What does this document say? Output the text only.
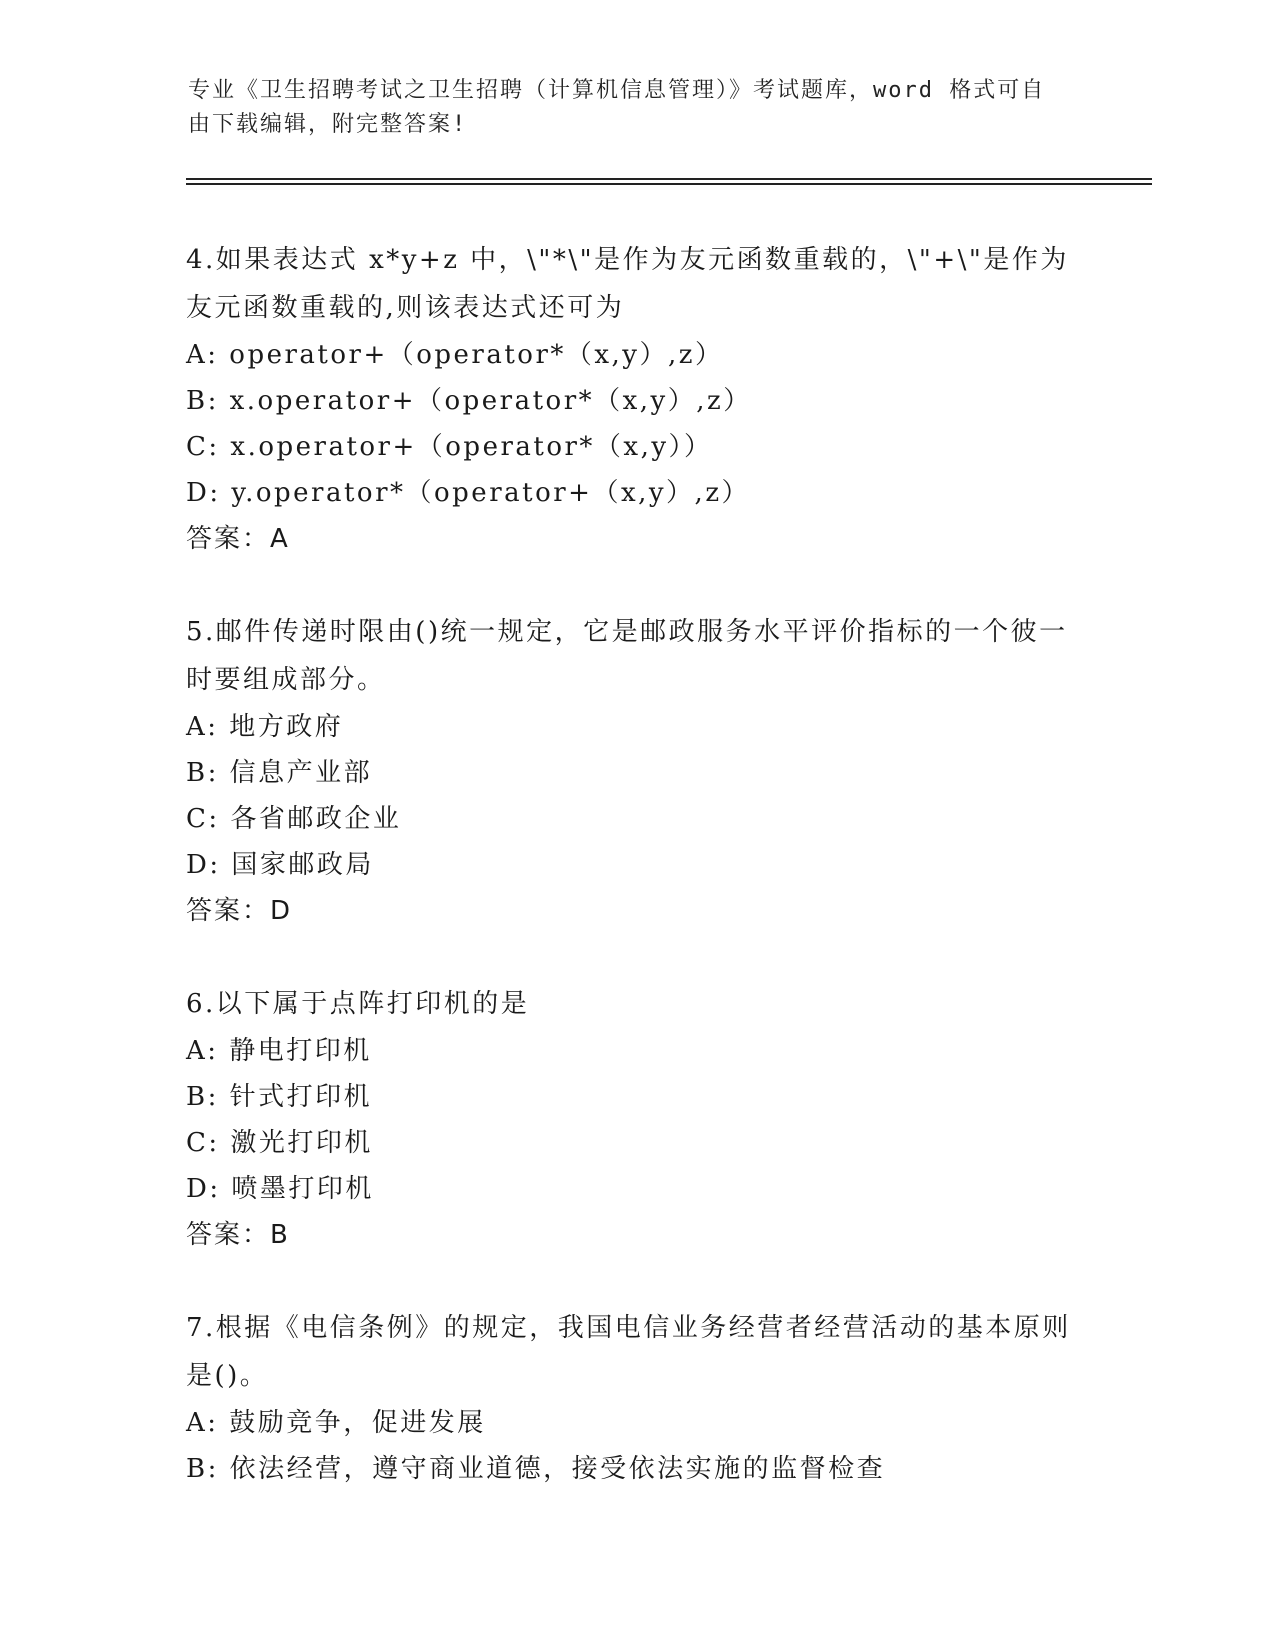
专业《卫生招聘考试之卫生招聘（计算机信息管理）》考试题库，word 格式可自由下载编辑，附完整答案!

4.如果表达式 x*y+z 中，\"*\"是作为友元函数重载的，\"+\"是作为友元函数重载的,则该表达式还可为

A: operator+（operator*（x,y）,z）

B: x.operator+（operator*（x,y）,z）

C: x.operator+（operator*（x,y））

D: y.operator*（operator+（x,y）,z）

答案：A

5.邮件传递时限由()统一规定，它是邮政服务水平评价指标的一个彼一时要组成部分。

A: 地方政府

B: 信息产业部

C: 各省邮政企业

D: 国家邮政局

答案：D

6.以下属于点阵打印机的是

A: 静电打印机

B: 针式打印机

C: 激光打印机

D: 喷墨打印机

答案：B

7.根据《电信条例》的规定，我国电信业务经营者经营活动的基本原则是()。

A: 鼓励竞争，促进发展

B: 依法经营，遵守商业道德，接受依法实施的监督检查
